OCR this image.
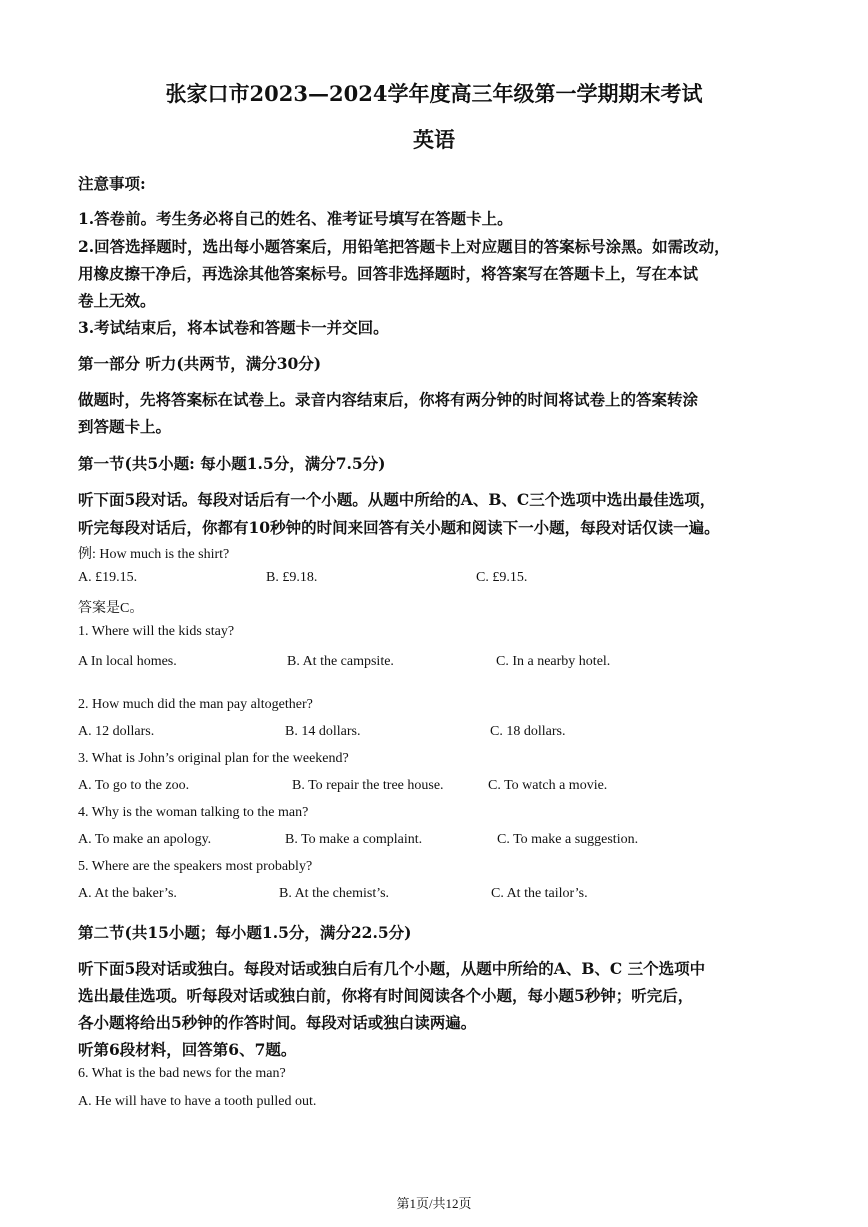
张家口市2023—2024学年度高三年级第一学期期末考试
英语
注意事项:
1.答卷前。考生务必将自己的姓名、准考证号填写在答题卡上。
2.回答选择题时，选出每小题答案后，用铅笔把答题卡上对应题目的答案标号涂黑。如需改动，
用橡皮擦干净后，再选涂其他答案标号。回答非选择题时，将答案写在答题卡上，写在本试
卷上无效。
3.考试结束后，将本试卷和答题卡一并交回。
第一部分 听力(共两节，满分30分)
做题时，先将答案标在试卷上。录音内容结束后，你将有两分钟的时间将试卷上的答案转涂
到答题卡上。
第一节(共5小题: 每小题1.5分，满分7.5分)
听下面5段对话。每段对话后有一个小题。从题中所给的A、B、C三个选项中选出最佳选项，
听完每段对话后，你都有10秒钟的时间来回答有关小题和阅读下一小题，每段对话仅读一遍。
例: How much is the shirt?
A. £19.15.	B. £9.18.	C. £9.15.
答案是C。
1. Where will the kids stay?
A In local homes.	B. At the campsite.	C. In a nearby hotel.
2. How much did the man pay altogether?
A. 12 dollars.	B. 14 dollars.	C. 18 dollars.
3. What is John’s original plan for the weekend?
A. To go to the zoo.	B. To repair the tree house.	C. To watch a movie.
4. Why is the woman talking to the man?
A. To make an apology.	B. To make a complaint.	C. To make a suggestion.
5. Where are the speakers most probably?
A. At the baker’s.	B. At the chemist’s.	C. At the tailor’s.
第二节(共15小题；每小题1.5分，满分22.5分)
听下面5段对话或独白。每段对话或独白后有几个小题，从题中所给的A、B、C 三个选项中
选出最佳选项。听每段对话或独白前，你将有时间阅读各个小题，每小题5秒钟；听完后，
各小题将给出5秒钟的作答时间。每段对话或独白读两遍。
听第6段材料，回答第6、7题。
6. What is the bad news for the man?
A. He will have to have a tooth pulled out.
第1页/共12页
